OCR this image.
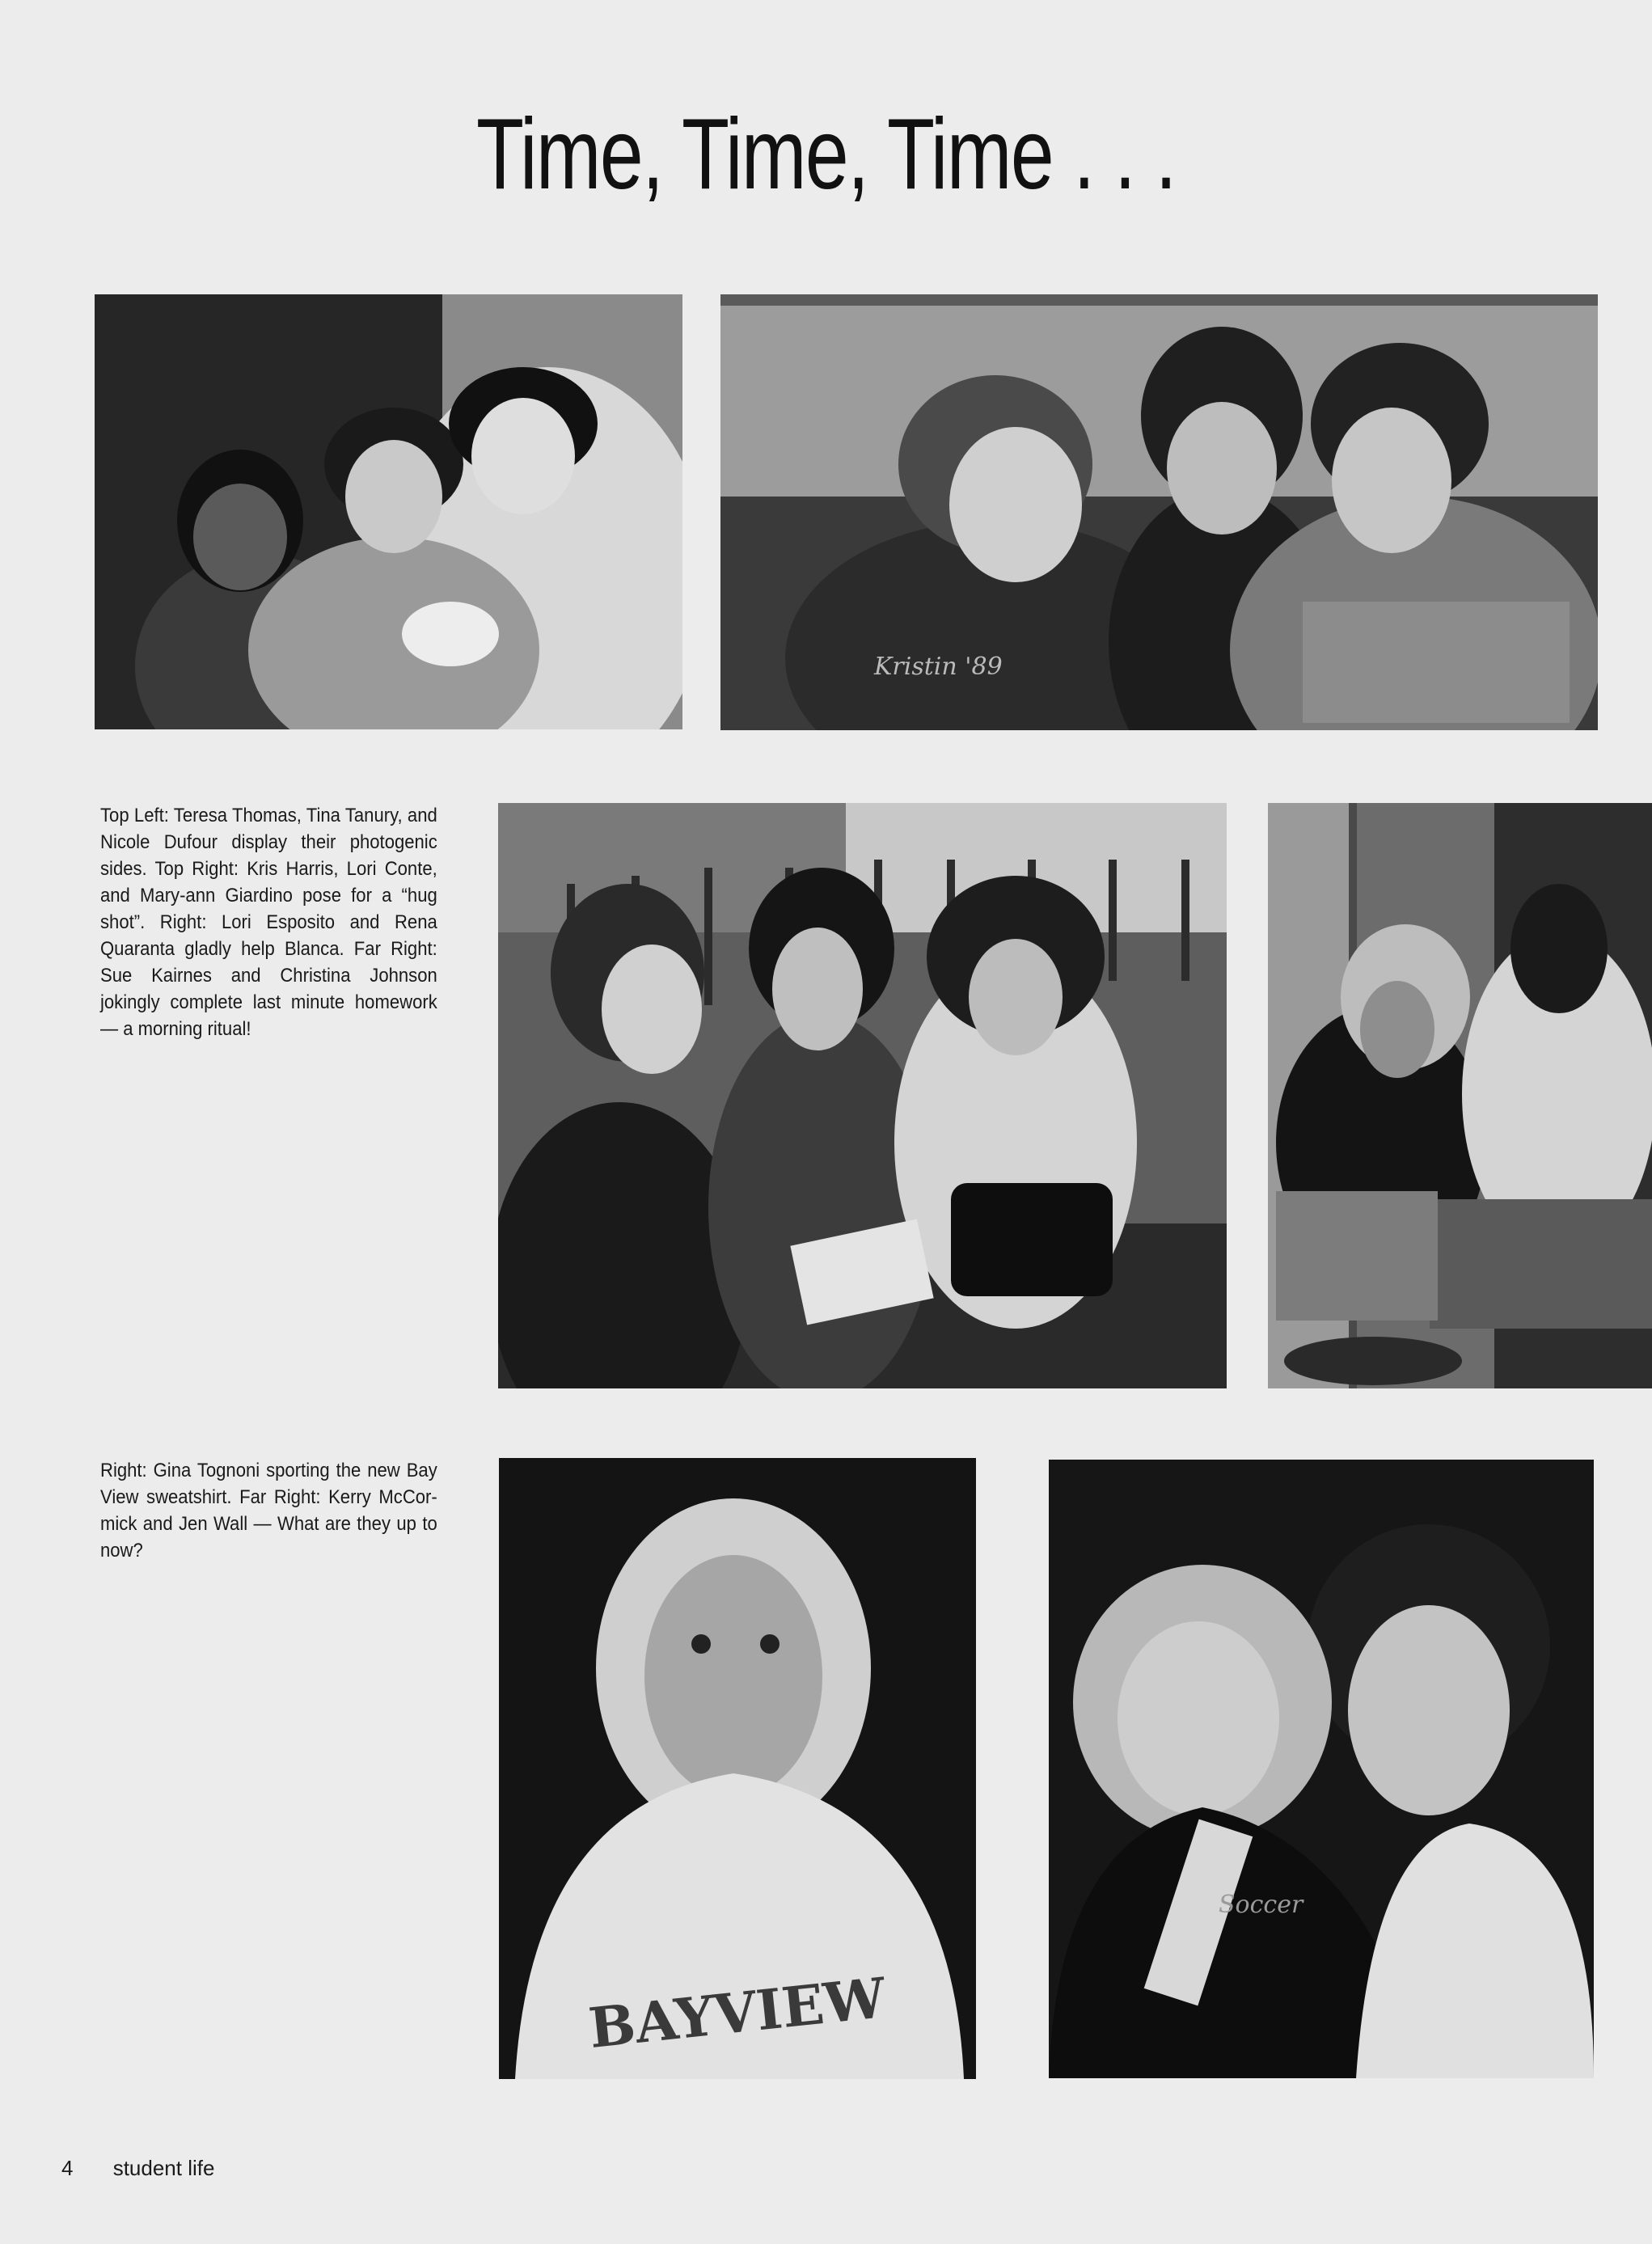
Time, Time, Time . . .
Kristin '89
Top Left: Teresa Thomas, Tina Tanury, and Nicole Dufour display their photogenic sides. Top Right: Kris Harris, Lori Conte, and Mary-ann Giardino pose for a “hug shot”. Right: Lori Esposito and Rena Quaranta gladly help Blanca. Far Right: Sue Kairnes and Christina Johnson jokingly complete last minute homework — a morning ritual!
Right: Gina Tognoni sporting the new Bay View sweatshirt. Far Right: Kerry McCor-mick and Jen Wall — What are they up to now?
BAYVIEW
Soccer
4 student life
